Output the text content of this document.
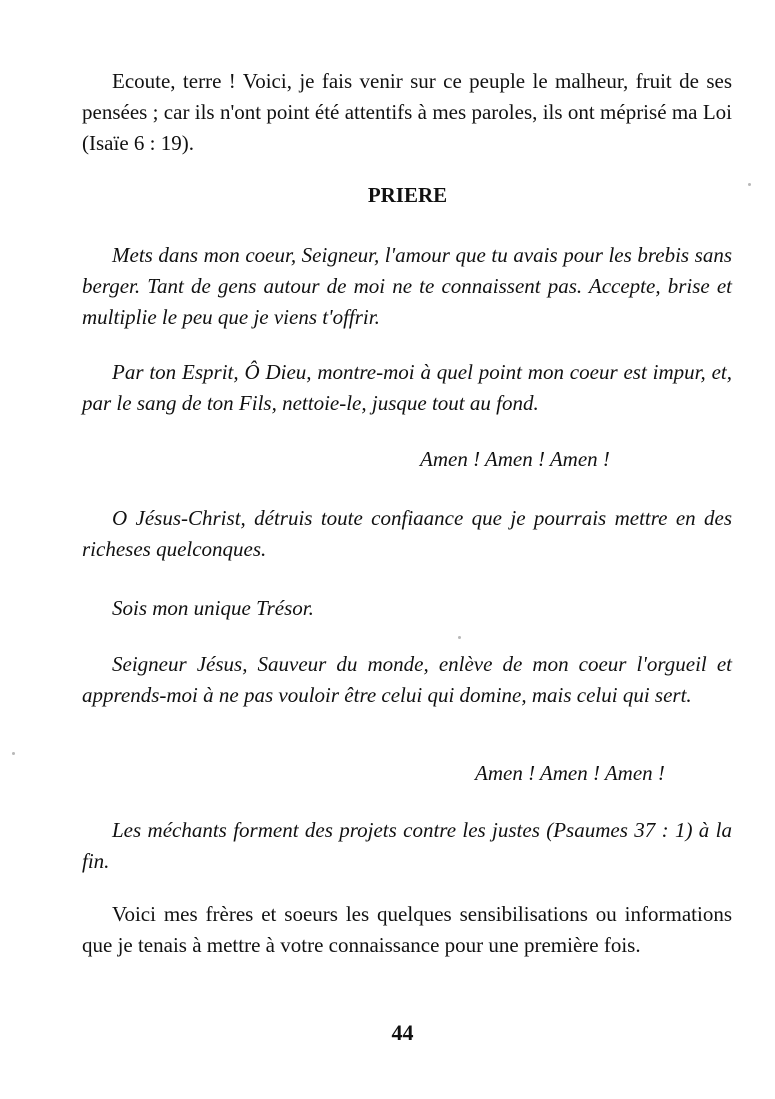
Ecoute, terre ! Voici, je fais venir sur ce peuple le malheur, fruit de ses pensées ; car ils n'ont point été attentifs à mes paroles, ils ont méprisé ma Loi (Isaïe 6 : 19).

PRIERE

Mets dans mon coeur, Seigneur, l'amour que tu avais pour les brebis sans berger. Tant de gens autour de moi ne te connaissent pas. Accepte, brise et multiplie le peu que je viens t'offrir.

Par ton Esprit, Ô Dieu, montre-moi à quel point mon coeur est impur, et, par le sang de ton Fils, nettoie-le, jusque tout au fond.

Amen ! Amen ! Amen !

O Jésus-Christ, détruis toute confiaance que je pourrais mettre en des richeses quelconques.

Sois mon unique Trésor.

Seigneur Jésus, Sauveur du monde, enlève de mon coeur l'orgueil et apprends-moi à ne pas vouloir être celui qui domine, mais celui qui sert.

Amen ! Amen ! Amen !

Les méchants forment des projets contre les justes (Psaumes 37 : 1) à la fin.

Voici mes frères et soeurs les quelques sensibilisations ou informations que je tenais à mettre à votre connaissance pour une première fois.

44
